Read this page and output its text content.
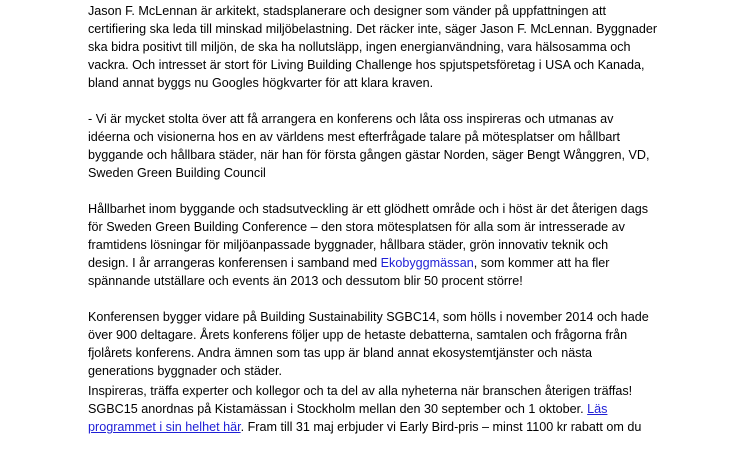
Jason F. McLennan är arkitekt, stadsplanerare och designer som vänder på uppfattningen att
certifiering ska leda till minskad miljöbelastning. Det räcker inte, säger Jason F. McLennan. Byggnader
ska bidra positivt till miljön, de ska ha nollutsläpp, ingen energianvändning, vara hälsosamma och
vackra. Och intresset är stort för Living Building Challenge hos spjutspetsföretag i USA och Kanada,
bland annat byggs nu Googles högkvarter för att klara kraven.
- Vi är mycket stolta över att få arrangera en konferens och låta oss inspireras och utmanas av
idéerna och visionerna hos en av världens mest efterfrågade talare på mötesplatser om hållbart
byggande och hållbara städer, när han för första gången gästar Norden, säger Bengt Wånggren, VD,
Sweden Green Building Council
Hållbarhet inom byggande och stadsutveckling är ett glödhett område och i höst är det återigen dags
för Sweden Green Building Conference – den stora mötesplatsen för alla som är intresserade av
framtidens lösningar för miljöanpassade byggnader, hållbara städer, grön innovativ teknik och
design. I år arrangeras konferensen i samband med Ekobyggmässan, som kommer att ha fler
spännande utställare och events än 2013 och dessutom blir 50 procent större!
Konferensen bygger vidare på Building Sustainability SGBC14, som hölls i november 2014 och hade
över 900 deltagare. Årets konferens följer upp de hetaste debatterna, samtalen och frågorna från
fjolårets konferens. Andra ämnen som tas upp är bland annat ekosystemtjänster och nästa
generations byggnader och städer.
Inspireras, träffa experter och kollegor och ta del av alla nyheterna när branschen återigen träffas!
SGBC15 anordnas på Kistamässan i Stockholm mellan den 30 september och 1 oktober. Läs
programmet i sin helhet här. Fram till 31 maj erbjuder vi Early Bird-pris – minst 1100 kr rabatt om du
